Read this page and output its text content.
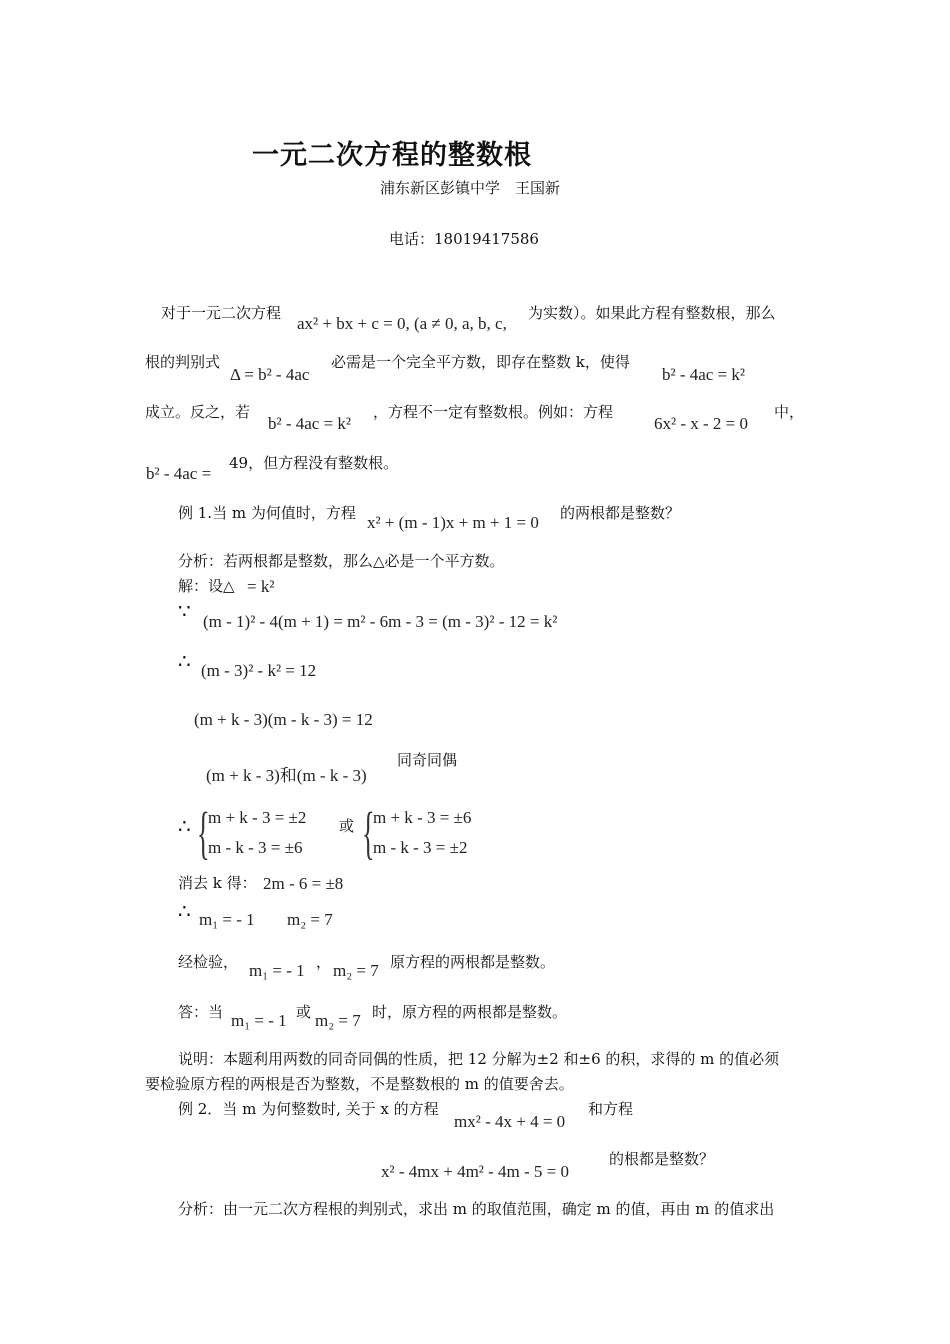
一元二次方程的整数根
浦东新区彭镇中学　王国新
电话：18019417586
对于一元二次方程
ax² + bx + c = 0, (a ≠ 0, a, b, c,
为实数）。如果此方程有整数根，那么
根的判别式
Δ = b² - 4ac
必需是一个完全平方数，即存在整数 k，使得
b² - 4ac = k²
成立。反之，若
b² - 4ac = k²
，方程不一定有整数根。例如：方程
6x² - x - 2 = 0
中，
b² - 4ac =
49，但方程没有整数根。
例 1.当 m 为何值时，方程 x² + (m - 1)x + m + 1 = 0 的两根都是整数？
分析：若两根都是整数，那么△必是一个平方数。
解：设△ = k²
∵ (m - 1)² - 4(m + 1) = m² - 6m - 3 = (m - 3)² - 12 = k²
∴ (m - 3)² - k² = 12
(m + k - 3)(m - k - 3) = 12
(m + k - 3)和(m - k - 3)
同奇同偶
∴ {
m + k - 3 = ±2
m - k - 3 = ±6
或 {
m + k - 3 = ±6
m - k - 3 = ±2
消去 k 得： 2m - 6 = ±8
∴ m₁ = - 1 m₂ = 7
经检验， m₁ = - 1 ， m₂ = 7 原方程的两根都是整数。
答：当 m₁ = - 1 或 m₂ = 7 时，原方程的两根都是整数。
说明：本题利用两数的同奇同偶的性质，把 12 分解为±2 和±6 的积，求得的 m 的值必须
要检验原方程的两根是否为整数，不是整数根的 m 的值要舍去。
例 2．当 m 为何整数时, 关于 x 的方程
mx² - 4x + 4 = 0
和方程
x² - 4mx + 4m² - 4m - 5 = 0
的根都是整数？
分析：由一元二次方程根的判别式，求出 m 的取值范围，确定 m 的值，再由 m 的值求出
